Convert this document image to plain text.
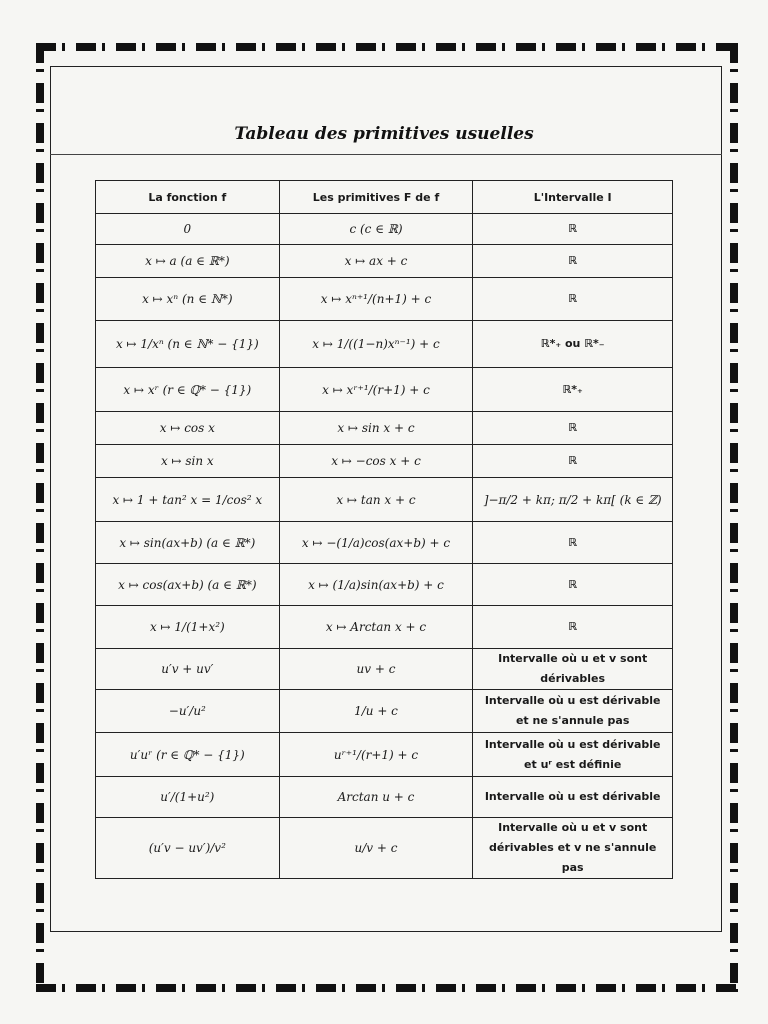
Tableau des primitives usuelles
La fonction f	Les primitives F de f	L'Intervalle I
0	c (c ∈ ℝ)	ℝ
x ↦ a (a ∈ ℝ*)	x ↦ ax + c	ℝ
x ↦ xⁿ (n ∈ ℕ*)	x ↦ xⁿ⁺¹/(n+1) + c	ℝ
x ↦ 1/xⁿ (n ∈ ℕ* − {1})	x ↦ 1/((1−n)xⁿ⁻¹) + c	ℝ*₊ ou ℝ*₋
x ↦ xʳ (r ∈ ℚ* − {1})	x ↦ xʳ⁺¹/(r+1) + c	ℝ*₊
x ↦ cos x	x ↦ sin x + c	ℝ
x ↦ sin x	x ↦ −cos x + c	ℝ
x ↦ 1 + tan² x = 1/cos² x	x ↦ tan x + c	]−π/2 + kπ; π/2 + kπ[ (k ∈ ℤ)
x ↦ sin(ax+b) (a ∈ ℝ*)	x ↦ −(1/a)cos(ax+b) + c	ℝ
x ↦ cos(ax+b) (a ∈ ℝ*)	x ↦ (1/a)sin(ax+b) + c	ℝ
x ↦ 1/(1+x²)	x ↦ Arctan x + c	ℝ
u′v + uv′	uv + c	Intervalle où u et v sont dérivables
−u′/u²	1/u + c	Intervalle où u est dérivable et ne s'annule pas
u′uʳ (r ∈ ℚ* − {1})	uʳ⁺¹/(r+1) + c	Intervalle où u est dérivable et uʳ est définie
u′/(1+u²)	Arctan u + c	Intervalle où u est dérivable
(u′v − uv′)/v²	u/v + c	Intervalle où u et v sont dérivables et v ne s'annule pas
